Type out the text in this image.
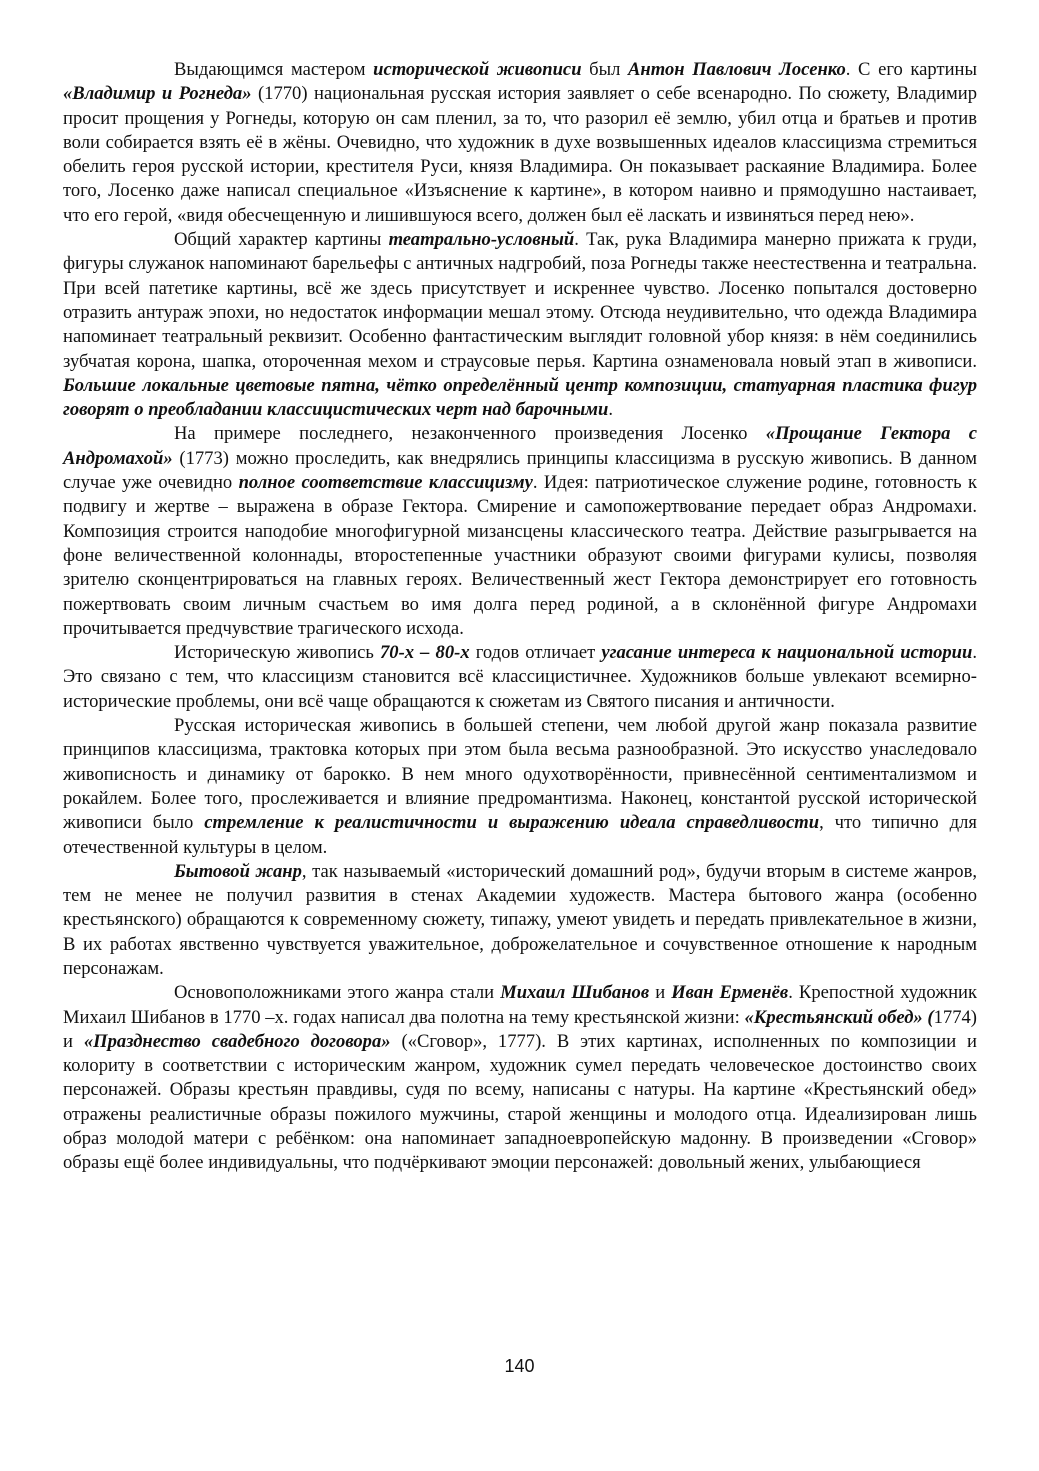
Выдающимся мастером исторической живописи был Антон Павлович Лосенко. С его картины «Владимир и Рогнеда» (1770) национальная русская история заявляет о себе всенародно. По сюжету, Владимир просит прощения у Рогнеды, которую он сам пленил, за то, что разорил её землю, убил отца и братьев и против воли собирается взять её в жёны. Очевидно, что художник в духе возвышенных идеалов классицизма стремиться обелить героя русской истории, крестителя Руси, князя Владимира. Он показывает раскаяние Владимира. Более того, Лосенко даже написал специальное «Изъяснение к картине», в котором наивно и прямодушно настаивает, что его герой, «видя обесчещенную и лишившуюся всего, должен был её ласкать и извиняться перед нею».

Общий характер картины театрально-условный. Так, рука Владимира манерно прижата к груди, фигуры служанок напоминают барельефы с античных надгробий, поза Рогнеды также неестественна и театральна. При всей патетике картины, всё же здесь присутствует и искреннее чувство. Лосенко попытался достоверно отразить антураж эпохи, но недостаток информации мешал этому. Отсюда неудивительно, что одежда Владимира напоминает театральный реквизит. Особенно фантастическим выглядит головной убор князя: в нём соединились зубчатая корона, шапка, отороченная мехом и страусовые перья. Картина ознаменовала новый этап в живописи. Большие локальные цветовые пятна, чётко определённый центр композиции, статуарная пластика фигур говорят о преобладании классицистических черт над барочными.

На примере последнего, незаконченного произведения Лосенко «Прощание Гектора с Андромахой» (1773) можно проследить, как внедрялись принципы классицизма в русскую живопись. В данном случае уже очевидно полное соответствие классицизму. Идея: патриотическое служение родине, готовность к подвигу и жертве – выражена в образе Гектора. Смирение и самопожертвование передает образ Андромахи. Композиция строится наподобие многофигурной мизансцены классического театра. Действие разыгрывается на фоне величественной колоннады, второстепенные участники образуют своими фигурами кулисы, позволяя зрителю сконцентрироваться на главных героях. Величественный жест Гектора демонстрирует его готовность пожертвовать своим личным счастьем во имя долга перед родиной, а в склонённой фигуре Андромахи прочитывается предчувствие трагического исхода.

Историческую живопись 70-х – 80-х годов отличает угасание интереса к национальной истории. Это связано с тем, что классицизм становится всё классицистичнее. Художников больше увлекают всемирно-исторические проблемы, они всё чаще обращаются к сюжетам из Святого писания и античности.

Русская историческая живопись в большей степени, чем любой другой жанр показала развитие принципов классицизма, трактовка которых при этом была весьма разнообразной. Это искусство унаследовало живописность и динамику от барокко. В нем много одухотворённости, привнесённой сентиментализмом и рокайлем. Более того, прослеживается и влияние предромантизма. Наконец, константой русской исторической живописи было стремление к реалистичности и выражению идеала справедливости, что типично для отечественной культуры в целом.

Бытовой жанр, так называемый «исторический домашний род», будучи вторым в системе жанров, тем не менее не получил развития в стенах Академии художеств. Мастера бытового жанра (особенно крестьянского) обращаются к современному сюжету, типажу, умеют увидеть и передать привлекательное в жизни, В их работах явственно чувствуется уважительное, доброжелательное и сочувственное отношение к народным персонажам.

Основоположниками этого жанра стали Михаил Шибанов и Иван Ерменёв. Крепостной художник Михаил Шибанов в 1770 –х. годах написал два полотна на тему крестьянской жизни: «Крестьянский обед» (1774) и «Празднество свадебного договора» («Сговор», 1777). В этих картинах, исполненных по композиции и колориту в соответствии с историческим жанром, художник сумел передать человеческое достоинство своих персонажей. Образы крестьян правдивы, судя по всему, написаны с натуры. На картине «Крестьянский обед» отражены реалистичные образы пожилого мужчины, старой женщины и молодого отца. Идеализирован лишь образ молодой матери с ребёнком: она напоминает западноевропейскую мадонну. В произведении «Сговор» образы ещё более индивидуальны, что подчёркивают эмоции персонажей: довольный жених, улыбающиеся

140
